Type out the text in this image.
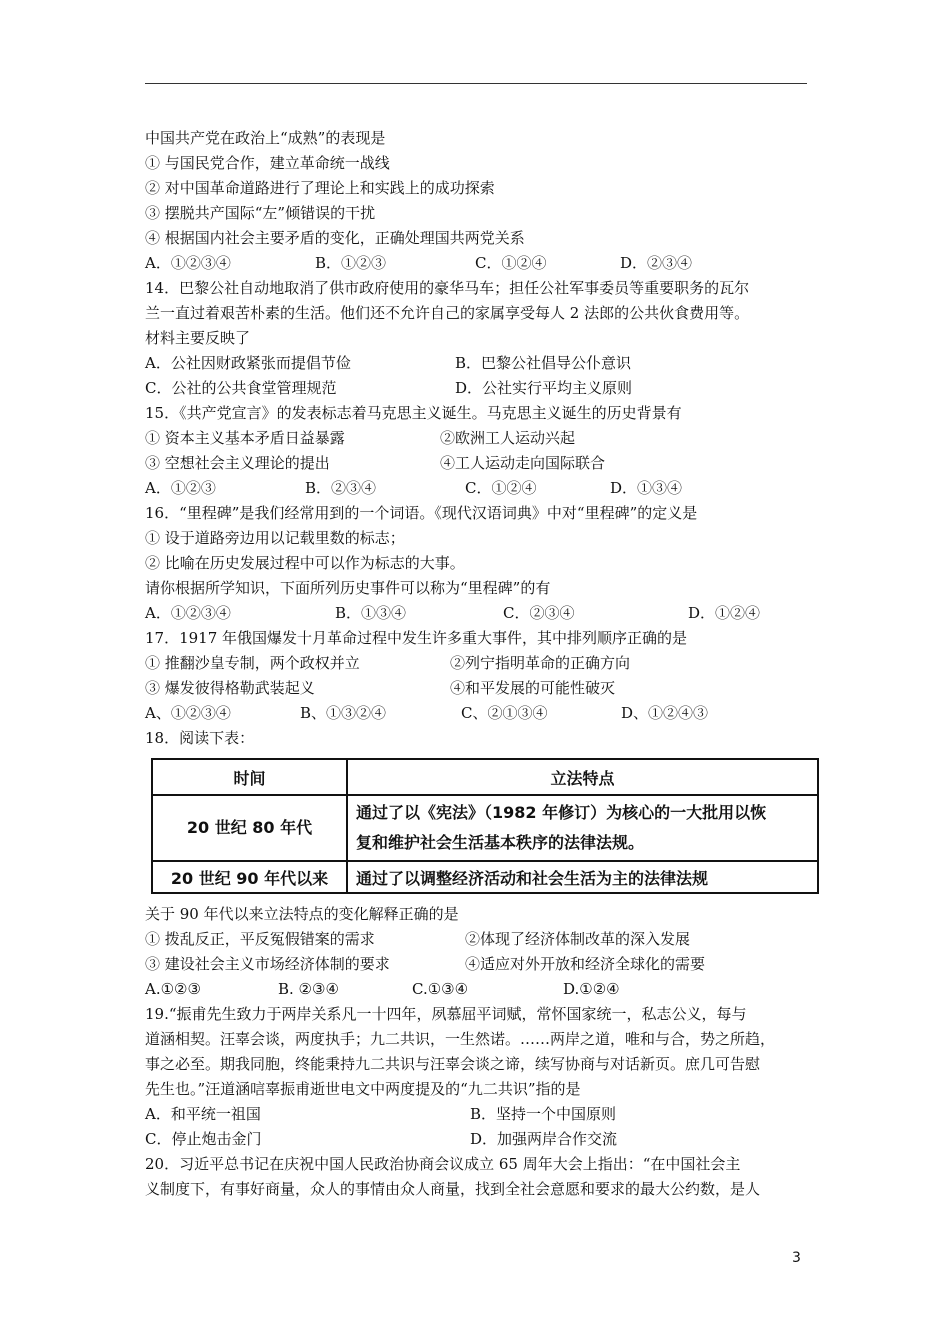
中国共产党在政治上“成熟”的表现是
① 与国民党合作，建立革命统一战线
② 对中国革命道路进行了理论上和实践上的成功探索
③ 摆脱共产国际“左”倾错误的干扰
④ 根据国内社会主要矛盾的变化，正确处理国共两党关系
A．①②③④	B．①②③	C．①②④	D．②③④
14．巴黎公社自动地取消了供市政府使用的豪华马车；担任公社军事委员等重要职务的瓦尔
兰一直过着艰苦朴素的生活。他们还不允许自己的家属享受每人 2 法郎的公共伙食费用等。
材料主要反映了
A．公社因财政紧张而提倡节俭	B．巴黎公社倡导公仆意识
C．公社的公共食堂管理规范	D．公社实行平均主义原则
15．《共产党宣言》的发表标志着马克思主义诞生。马克思主义诞生的历史背景有
① 资本主义基本矛盾日益暴露	②欧洲工人运动兴起
③ 空想社会主义理论的提出	④工人运动走向国际联合
A．①②③	B．②③④	C．①②④	D．①③④
16．“里程碑”是我们经常用到的一个词语。《现代汉语词典》中对“里程碑”的定义是
① 设于道路旁边用以记载里数的标志；
② 比喻在历史发展过程中可以作为标志的大事。
请你根据所学知识，下面所列历史事件可以称为“里程碑”的有
A．①②③④	B．①③④	C．②③④	D．①②④
17．1917 年俄国爆发十月革命过程中发生许多重大事件，其中排列顺序正确的是
① 推翻沙皇专制，两个政权并立	②列宁指明革命的正确方向
③ 爆发彼得格勒武装起义	④和平发展的可能性破灭
A、①②③④	B、①③②④	C、②①③④	D、①②④③
18．阅读下表：
时间	立法特点
20 世纪 80 年代	通过了以《宪法》（1982 年修订）为核心的一大批用以恢
复和维护社会生活基本秩序的法律法规。

20 世纪 90 年代以来	通过了以调整经济活动和社会生活为主的法律法规
关于 90 年代以来立法特点的变化解释正确的是
① 拨乱反正，平反冤假错案的需求	②体现了经济体制改革的深入发展
③ 建设社会主义市场经济体制的要求	④适应对外开放和经济全球化的需要
A.①②③	B. ②③④	C.①③④	D.①②④
19.“振甫先生致力于两岸关系凡一十四年，夙慕屈平词赋，常怀国家统一，私志公义，每与
道涵相契。汪辜会谈，两度执手；九二共识，一生然诺。……两岸之道，唯和与合，势之所趋，
事之必至。期我同胞，终能秉持九二共识与汪辜会谈之谛，续写协商与对话新页。庶几可告慰
先生也。”汪道涵唁辜振甫逝世电文中两度提及的“九二共识”指的是
A．和平统一祖国	B．坚持一个中国原则
C．停止炮击金门	D．加强两岸合作交流
20．习近平总书记在庆祝中国人民政治协商会议成立 65 周年大会上指出：“在中国社会主
义制度下，有事好商量，众人的事情由众人商量，找到全社会意愿和要求的最大公约数，是人
3
